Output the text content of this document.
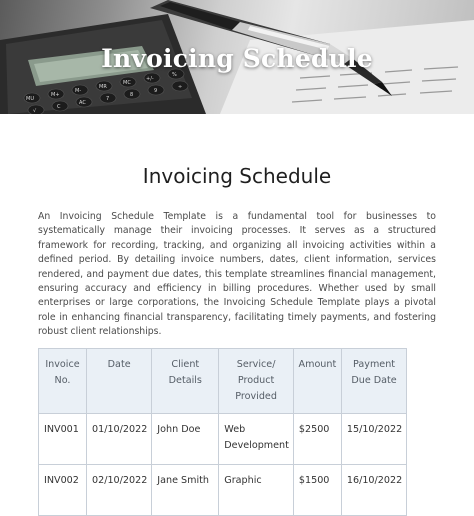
MU
M+
M-
MR
MC
+/-
%
√
C
AC
7
8
9
÷
Invoicing Schedule
Invoicing Schedule

An Invoicing Schedule Template is a fundamental tool for businesses to systematically manage their invoicing processes. It serves as a structured framework for recording, tracking, and organizing all invoicing activities within a defined period. By detailing invoice numbers, dates, client information, services rendered, and payment due dates, this template streamlines financial management, ensuring accuracy and efficiency in billing procedures. Whether used by small enterprises or large corporations, the Invoicing Schedule Template plays a pivotal role in enhancing financial transparency, facilitating timely payments, and fostering robust client relationships.

Invoice No.	Date	Client Details	Service/ Product Provided	Amount	Payment Due Date
INV001	01/10/2022	John Doe	Web Development	$2500	15/10/2022
INV002	02/10/2022	Jane Smith	Graphic	$1500	16/10/2022
